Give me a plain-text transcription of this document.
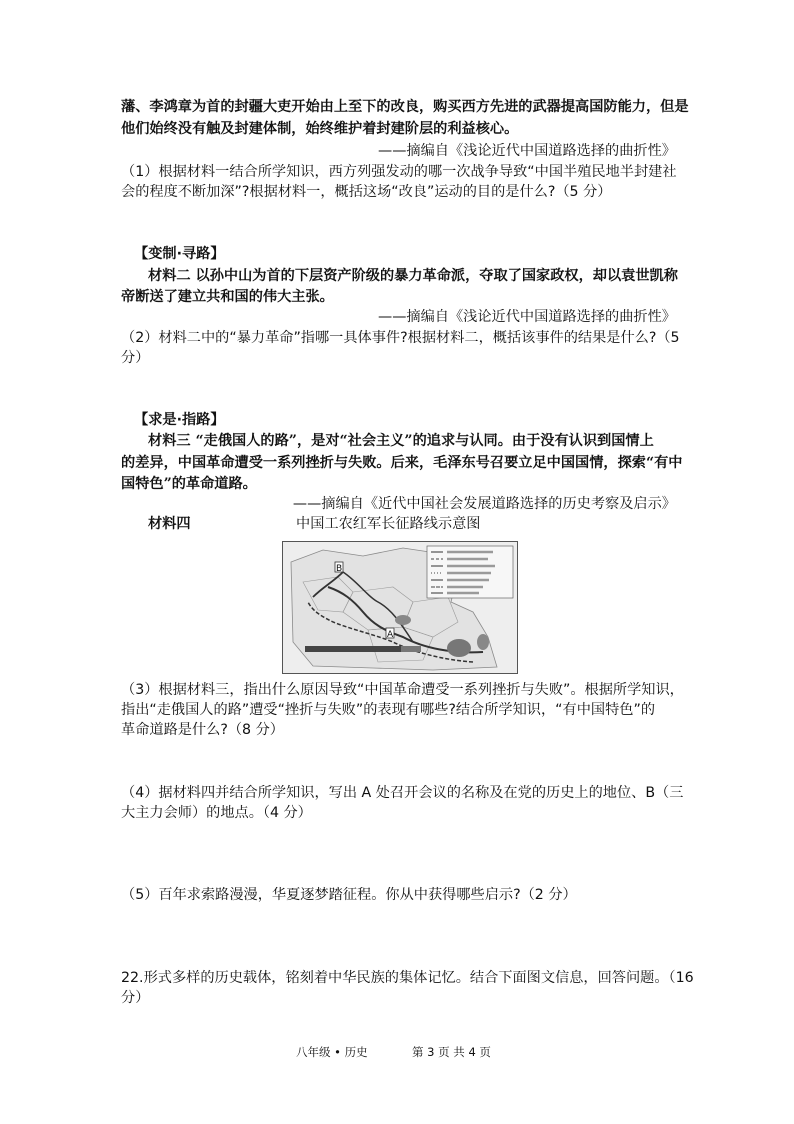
藩、李鸿章为首的封疆大吏开始由上至下的改良，购买西方先进的武器提高国防能力，但是
他们始终没有触及封建体制，始终维护着封建阶层的利益核心。
——摘编自《浅论近代中国道路选择的曲折性》
（1）根据材料一结合所学知识，西方列强发动的哪一次战争导致“中国半殖民地半封建社
会的程度不断加深”?根据材料一，概括这场“改良”运动的目的是什么?（5 分）
【变制·寻路】
材料二 以孙中山为首的下层资产阶级的暴力革命派，夺取了国家政权，却以袁世凯称
帝断送了建立共和国的伟大主张。
——摘编自《浅论近代中国道路选择的曲折性》
（2）材料二中的“暴力革命”指哪一具体事件?根据材料二，概括该事件的结果是什么?（5
分）
【求是·指路】
材料三 “走俄国人的路”，是对“社会主义”的追求与认同。由于没有认识到国情上
的差异，中国革命遭受一系列挫折与失败。后来，毛泽东号召要立足中国国情，探索“有中
国特色”的革命道路。
——摘编自《近代中国社会发展道路选择的历史考察及启示》
材料四	中国工农红军长征路线示意图
B
A
（3）根据材料三，指出什么原因导致“中国革命遭受一系列挫折与失败”。根据所学知识，
指出“走俄国人的路”遭受“挫折与失败”的表现有哪些?结合所学知识，“有中国特色”的
革命道路是什么?（8 分）
（4）据材料四并结合所学知识，写出 A 处召开会议的名称及在党的历史上的地位、B（三
大主力会师）的地点。（4 分）
（5）百年求索路漫漫，华夏逐梦踏征程。你从中获得哪些启示?（2 分）
22.形式多样的历史载体，铭刻着中华民族的集体记忆。结合下面图文信息，回答问题。（16
分）
八年级 • 历史	第 3 页 共 4 页
